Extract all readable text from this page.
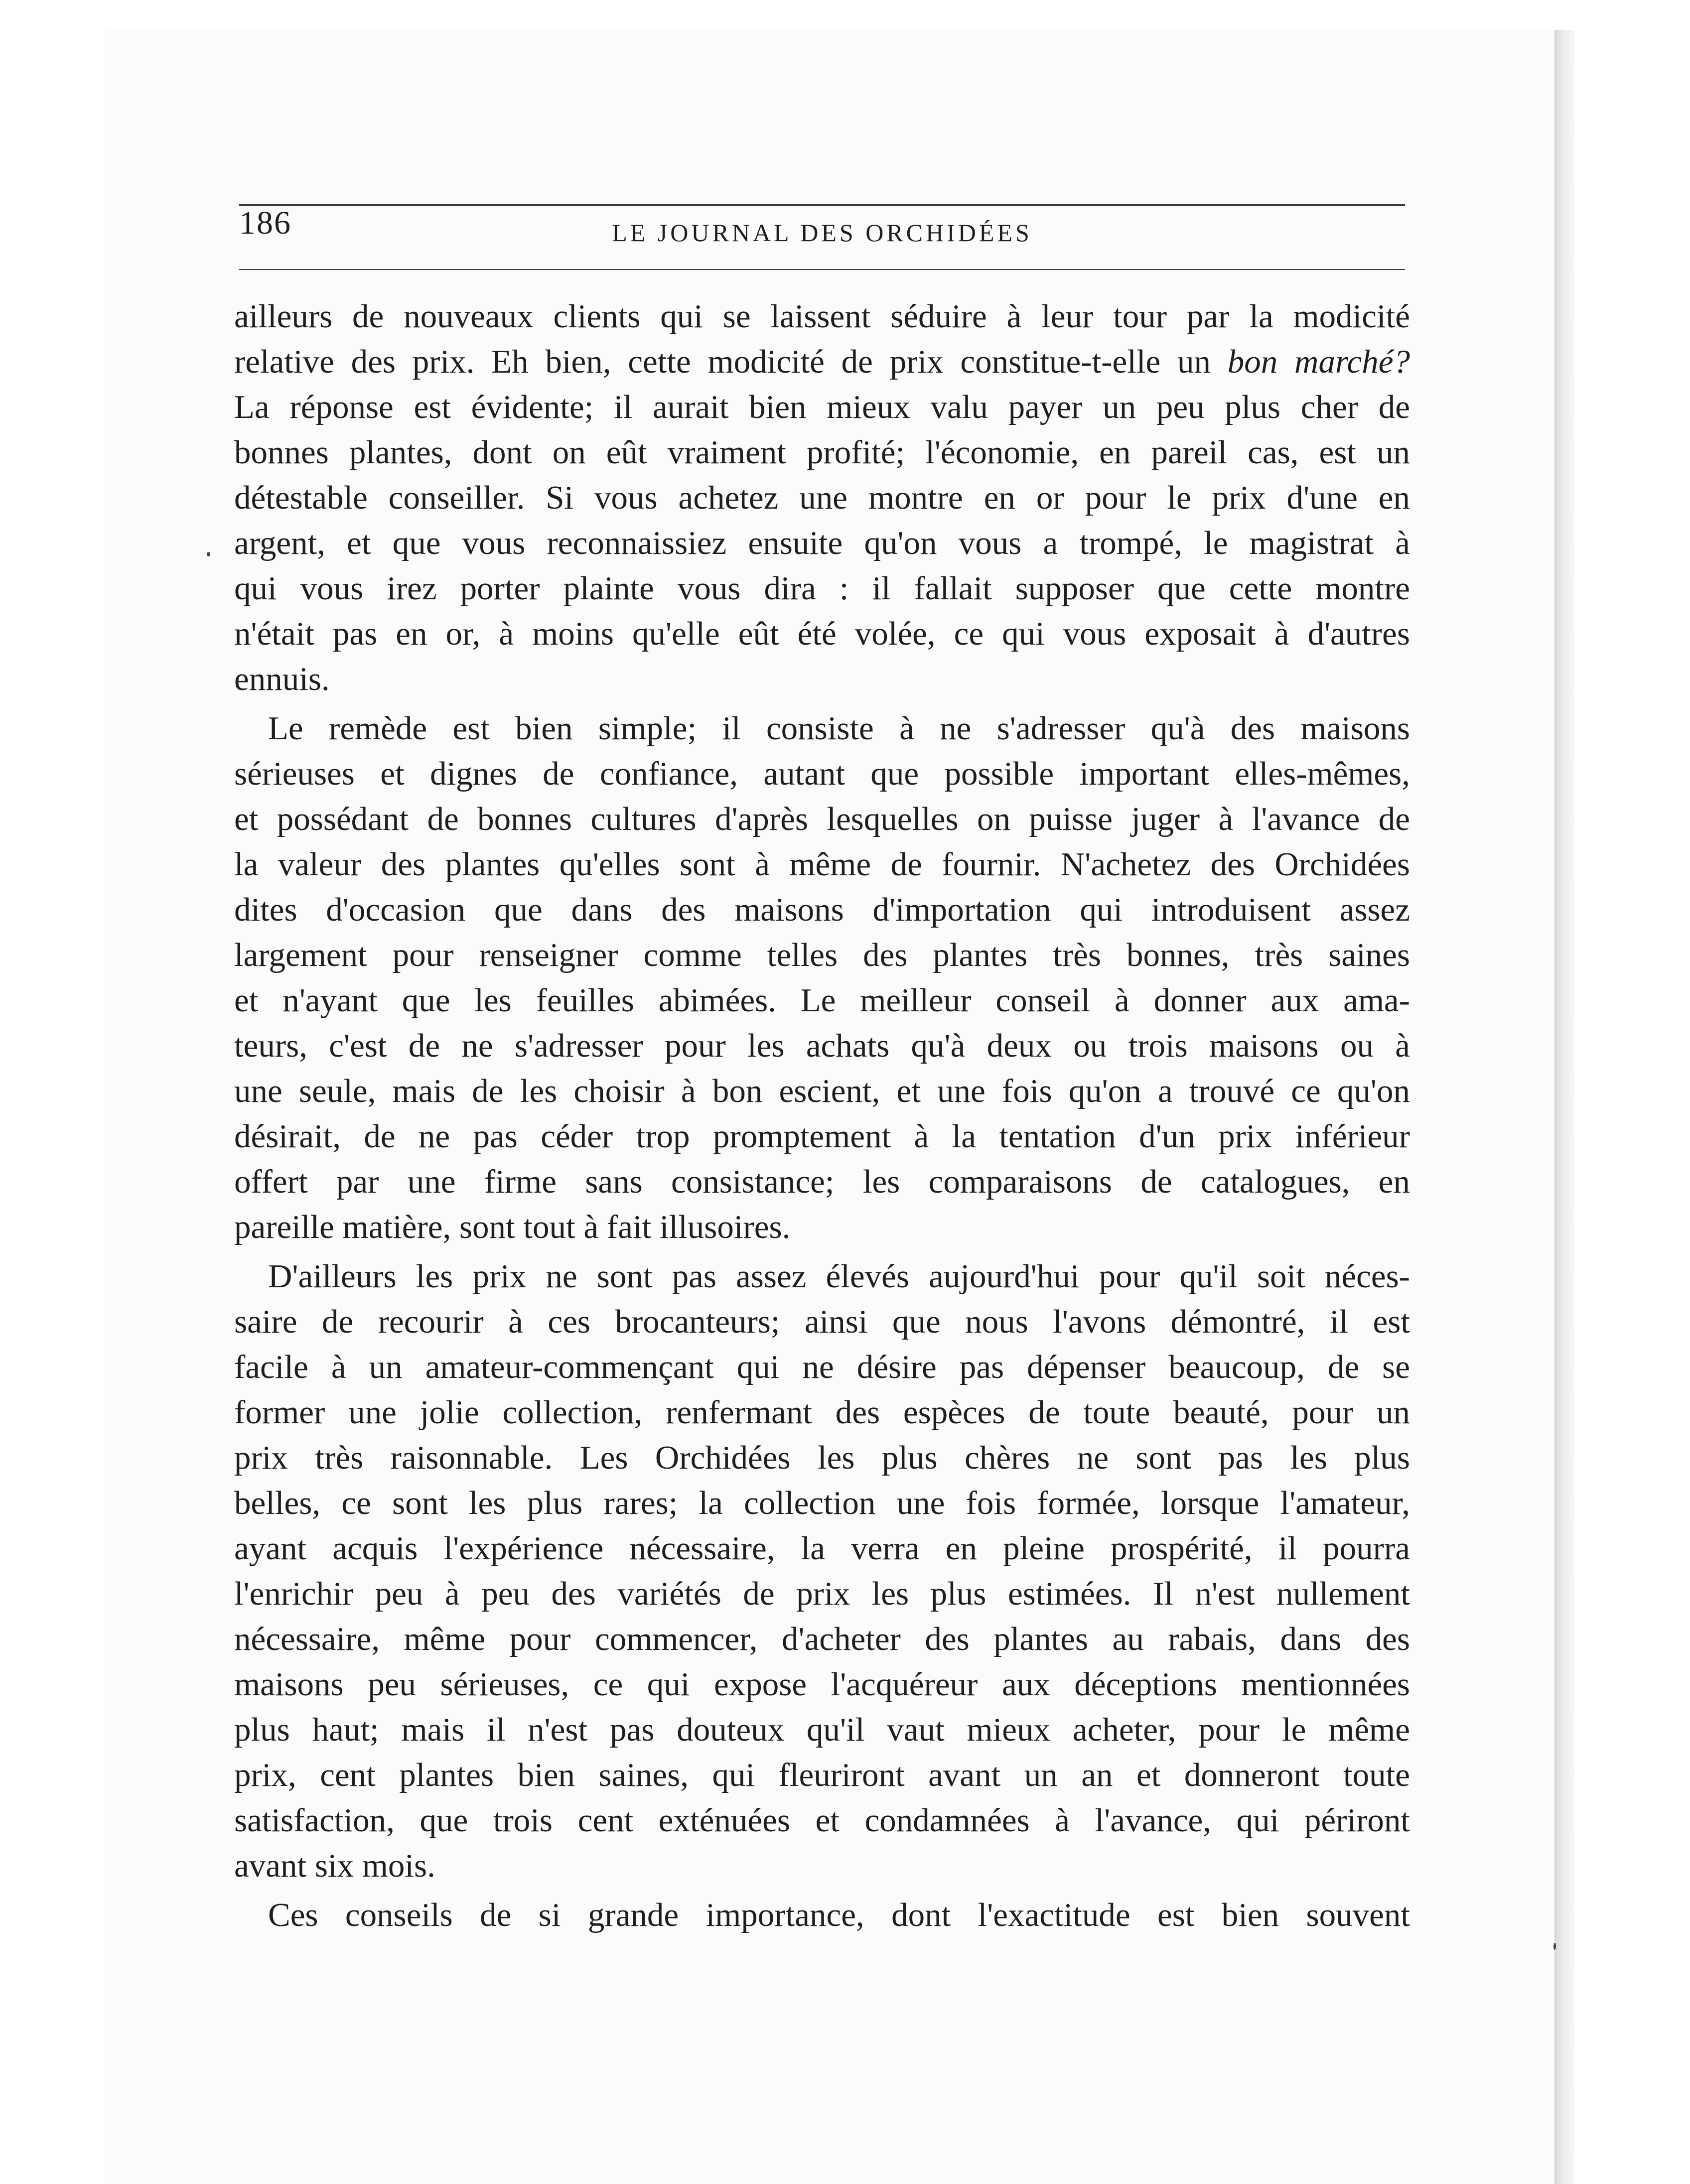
186	LE JOURNAL DES ORCHIDÉES

ailleurs de nouveaux clients qui se laissent séduire à leur tour par la modicité
relative des prix. Eh bien, cette modicité de prix constitue-t-elle un bon marché?
La réponse est évidente; il aurait bien mieux valu payer un peu plus cher de
bonnes plantes, dont on eût vraiment profité; l'économie, en pareil cas, est un
détestable conseiller. Si vous achetez une montre en or pour le prix d'une en
argent, et que vous reconnaissiez ensuite qu'on vous a trompé, le magistrat à
qui vous irez porter plainte vous dira : il fallait supposer que cette montre
n'était pas en or, à moins qu'elle eût été volée, ce qui vous exposait à d'autres
ennuis.

Le remède est bien simple; il consiste à ne s'adresser qu'à des maisons
sérieuses et dignes de confiance, autant que possible important elles-mêmes,
et possédant de bonnes cultures d'après lesquelles on puisse juger à l'avance de
la valeur des plantes qu'elles sont à même de fournir. N'achetez des Orchidées
dites d'occasion que dans des maisons d'importation qui introduisent assez
largement pour renseigner comme telles des plantes très bonnes, très saines
et n'ayant que les feuilles abimées. Le meilleur conseil à donner aux ama-
teurs, c'est de ne s'adresser pour les achats qu'à deux ou trois maisons ou à
une seule, mais de les choisir à bon escient, et une fois qu'on a trouvé ce qu'on
désirait, de ne pas céder trop promptement à la tentation d'un prix inférieur
offert par une firme sans consistance; les comparaisons de catalogues, en
pareille matière, sont tout à fait illusoires.

D'ailleurs les prix ne sont pas assez élevés aujourd'hui pour qu'il soit néces-
saire de recourir à ces brocanteurs; ainsi que nous l'avons démontré, il est
facile à un amateur-commençant qui ne désire pas dépenser beaucoup, de se
former une jolie collection, renfermant des espèces de toute beauté, pour un
prix très raisonnable. Les Orchidées les plus chères ne sont pas les plus
belles, ce sont les plus rares; la collection une fois formée, lorsque l'amateur,
ayant acquis l'expérience nécessaire, la verra en pleine prospérité, il pourra
l'enrichir peu à peu des variétés de prix les plus estimées. Il n'est nullement
nécessaire, même pour commencer, d'acheter des plantes au rabais, dans des
maisons peu sérieuses, ce qui expose l'acquéreur aux déceptions mentionnées
plus haut; mais il n'est pas douteux qu'il vaut mieux acheter, pour le même
prix, cent plantes bien saines, qui fleuriront avant un an et donneront toute
satisfaction, que trois cent exténuées et condamnées à l'avance, qui périront
avant six mois.

Ces conseils de si grande importance, dont l'exactitude est bien souvent
